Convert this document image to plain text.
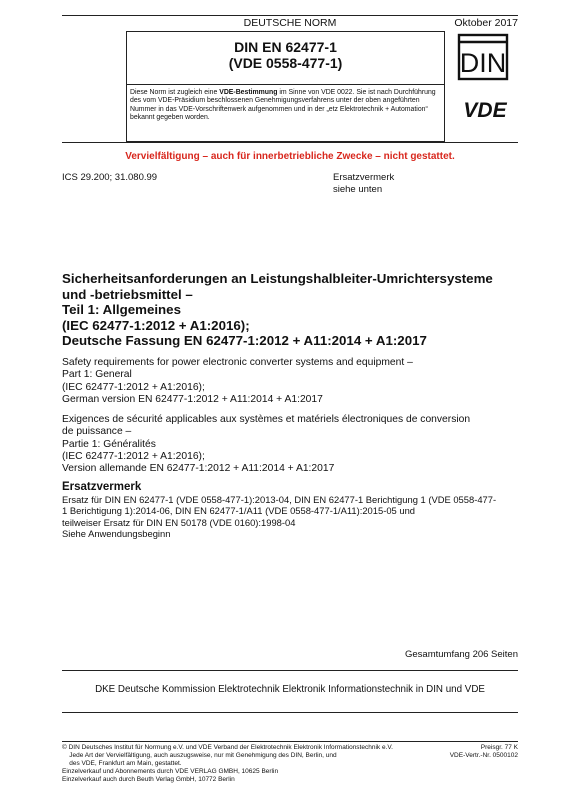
DEUTSCHE NORM	Oktober 2017
DIN EN 62477-1
(VDE 0558-477-1)	DIN
Diese Norm ist zugleich eine VDE-Bestimmung im Sinne von VDE 0022. Sie ist nach Durchführung des vom VDE-Präsidium beschlossenen Genehmigungsverfahrens unter der oben angeführten Nummer in das VDE-Vorschriftenwerk aufgenommen und in der „etz Elektrotechnik + Automation“ bekannt gegeben worden.	VDE
Vervielfältigung – auch für innerbetriebliche Zwecke – nicht gestattet.
ICS 29.200; 31.080.99	Ersatzvermerk
siehe unten
Sicherheitsanforderungen an Leistungshalbleiter-Umrichtersysteme
und -betriebsmittel –
Teil 1: Allgemeines
(IEC 62477-1:2012 + A1:2016);
Deutsche Fassung EN 62477-1:2012 + A11:2014 + A1:2017
Safety requirements for power electronic converter systems and equipment –
Part 1: General
(IEC 62477-1:2012 + A1:2016);
German version EN 62477-1:2012 + A11:2014 + A1:2017
Exigences de sécurité applicables aux systèmes et matériels électroniques de conversion
de puissance –
Partie 1: Généralités
(IEC 62477-1:2012 + A1:2016);
Version allemande EN 62477-1:2012 + A11:2014 + A1:2017
Ersatzvermerk
Ersatz für DIN EN 62477-1 (VDE 0558-477-1):2013-04, DIN EN 62477-1 Berichtigung 1 (VDE 0558-477-
1 Berichtigung 1):2014-06, DIN EN 62477-1/A11 (VDE 0558-477-1/A11):2015-05 und
teilweiser Ersatz für DIN EN 50178 (VDE 0160):1998-04
Siehe Anwendungsbeginn
Gesamtumfang 206 Seiten
DKE Deutsche Kommission Elektrotechnik Elektronik Informationstechnik in DIN und VDE
© DIN Deutsches Institut für Normung e.V. und VDE Verband der Elektrotechnik Elektronik Informationstechnik e.V.
Jede Art der Vervielfältigung, auch auszugsweise, nur mit Genehmigung des DIN, Berlin, und
des VDE, Frankfurt am Main, gestattet.
Einzelverkauf und Abonnements durch VDE VERLAG GMBH, 10625 Berlin
Einzelverkauf auch durch Beuth Verlag GmbH, 10772 Berlin
Preisgr. 77 K
VDE-Vertr.-Nr. 0500102
